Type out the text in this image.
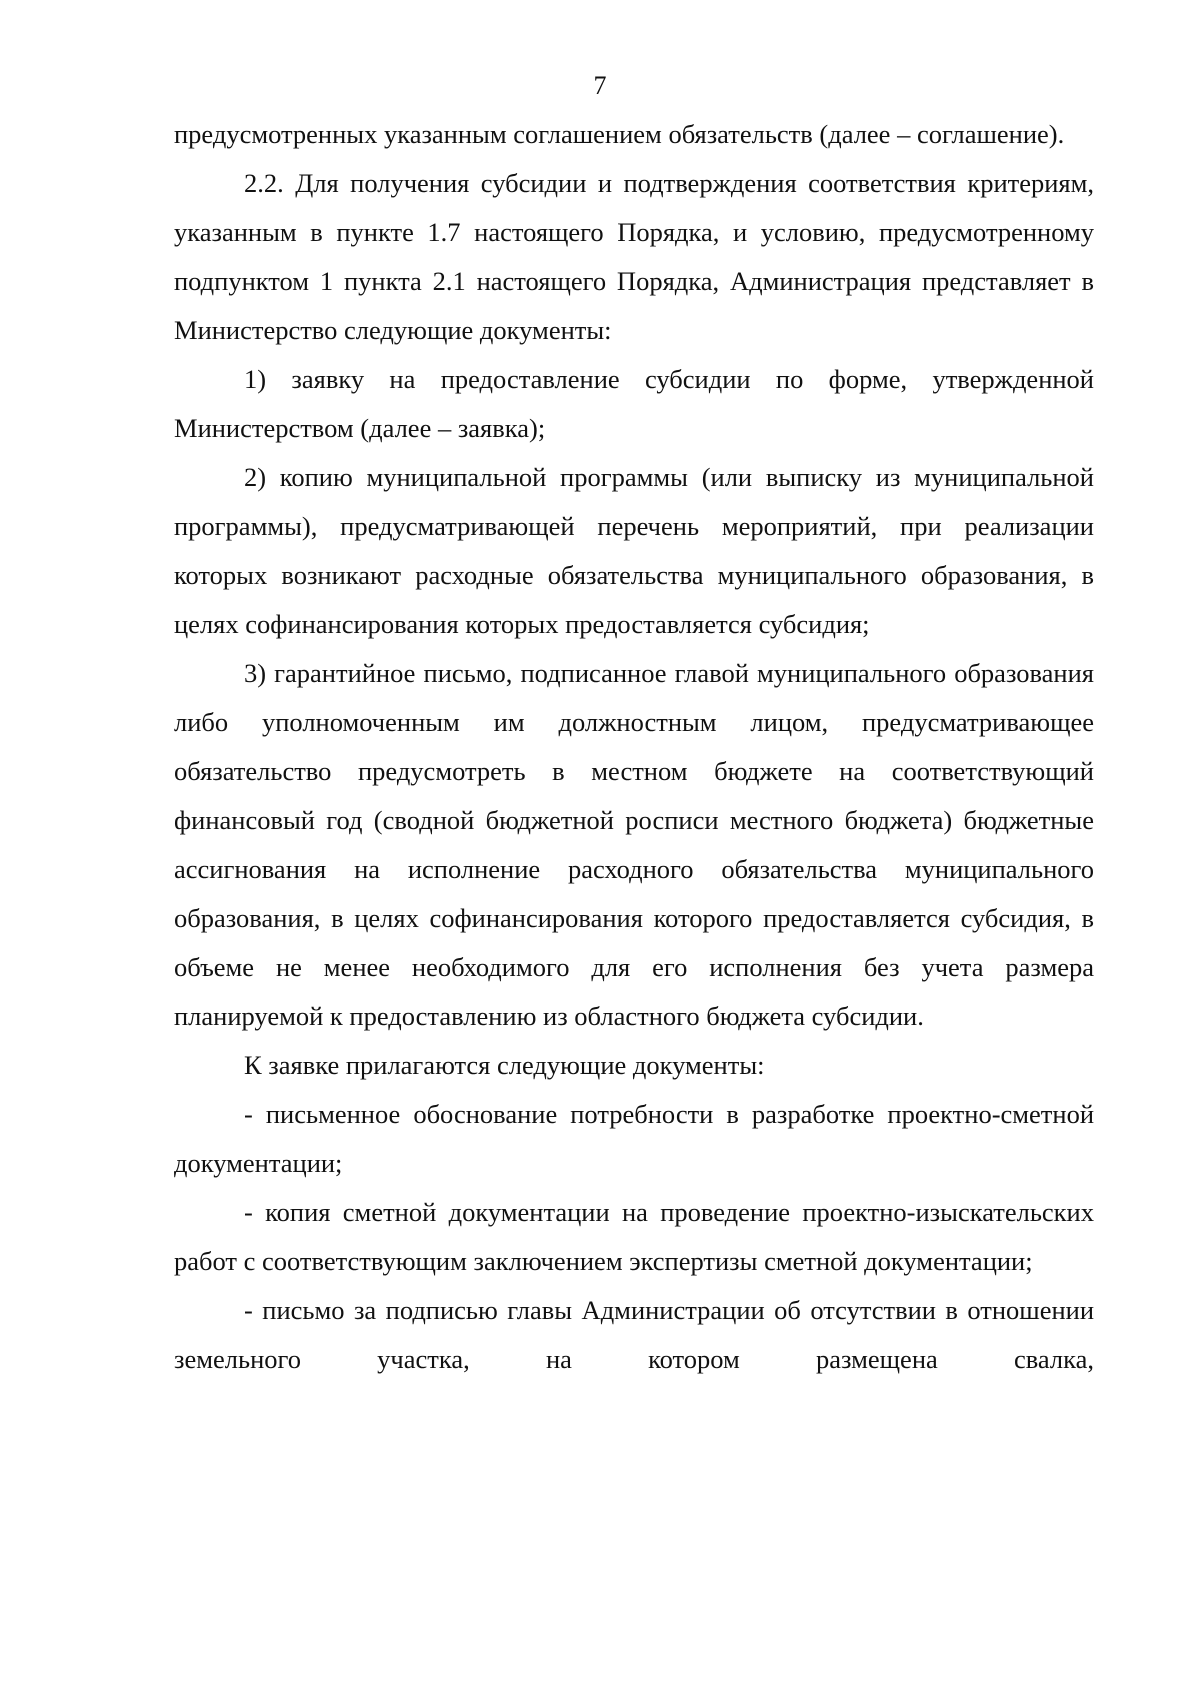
7

предусмотренных указанным соглашением обязательств (далее – соглашение).

2.2. Для получения субсидии и подтверждения соответствия критериям, указанным в пункте 1.7 настоящего Порядка, и условию, предусмотренному подпунктом 1 пункта 2.1 настоящего Порядка, Администрация представляет в Министерство следующие документы:

1) заявку на предоставление субсидии по форме, утвержденной Министерством (далее – заявка);

2) копию муниципальной программы (или выписку из муниципальной программы), предусматривающей перечень мероприятий, при реализации которых возникают расходные обязательства муниципального образования, в целях софинансирования которых предоставляется субсидия;

3) гарантийное письмо, подписанное главой муниципального образования либо уполномоченным им должностным лицом, предусматривающее обязательство предусмотреть в местном бюджете на соответствующий финансовый год (сводной бюджетной росписи местного бюджета) бюджетные ассигнования на исполнение расходного обязательства муниципального образования, в целях софинансирования которого предоставляется субсидия, в объеме не менее необходимого для его исполнения без учета размера планируемой к предоставлению из областного бюджета субсидии.

К заявке прилагаются следующие документы:

- письменное обоснование потребности в разработке проектно-сметной документации;

- копия сметной документации на проведение проектно-изыскательских работ с соответствующим заключением экспертизы сметной документации;

- письмо за подписью главы Администрации об отсутствии в отношении земельного участка, на котором размещена свалка,
